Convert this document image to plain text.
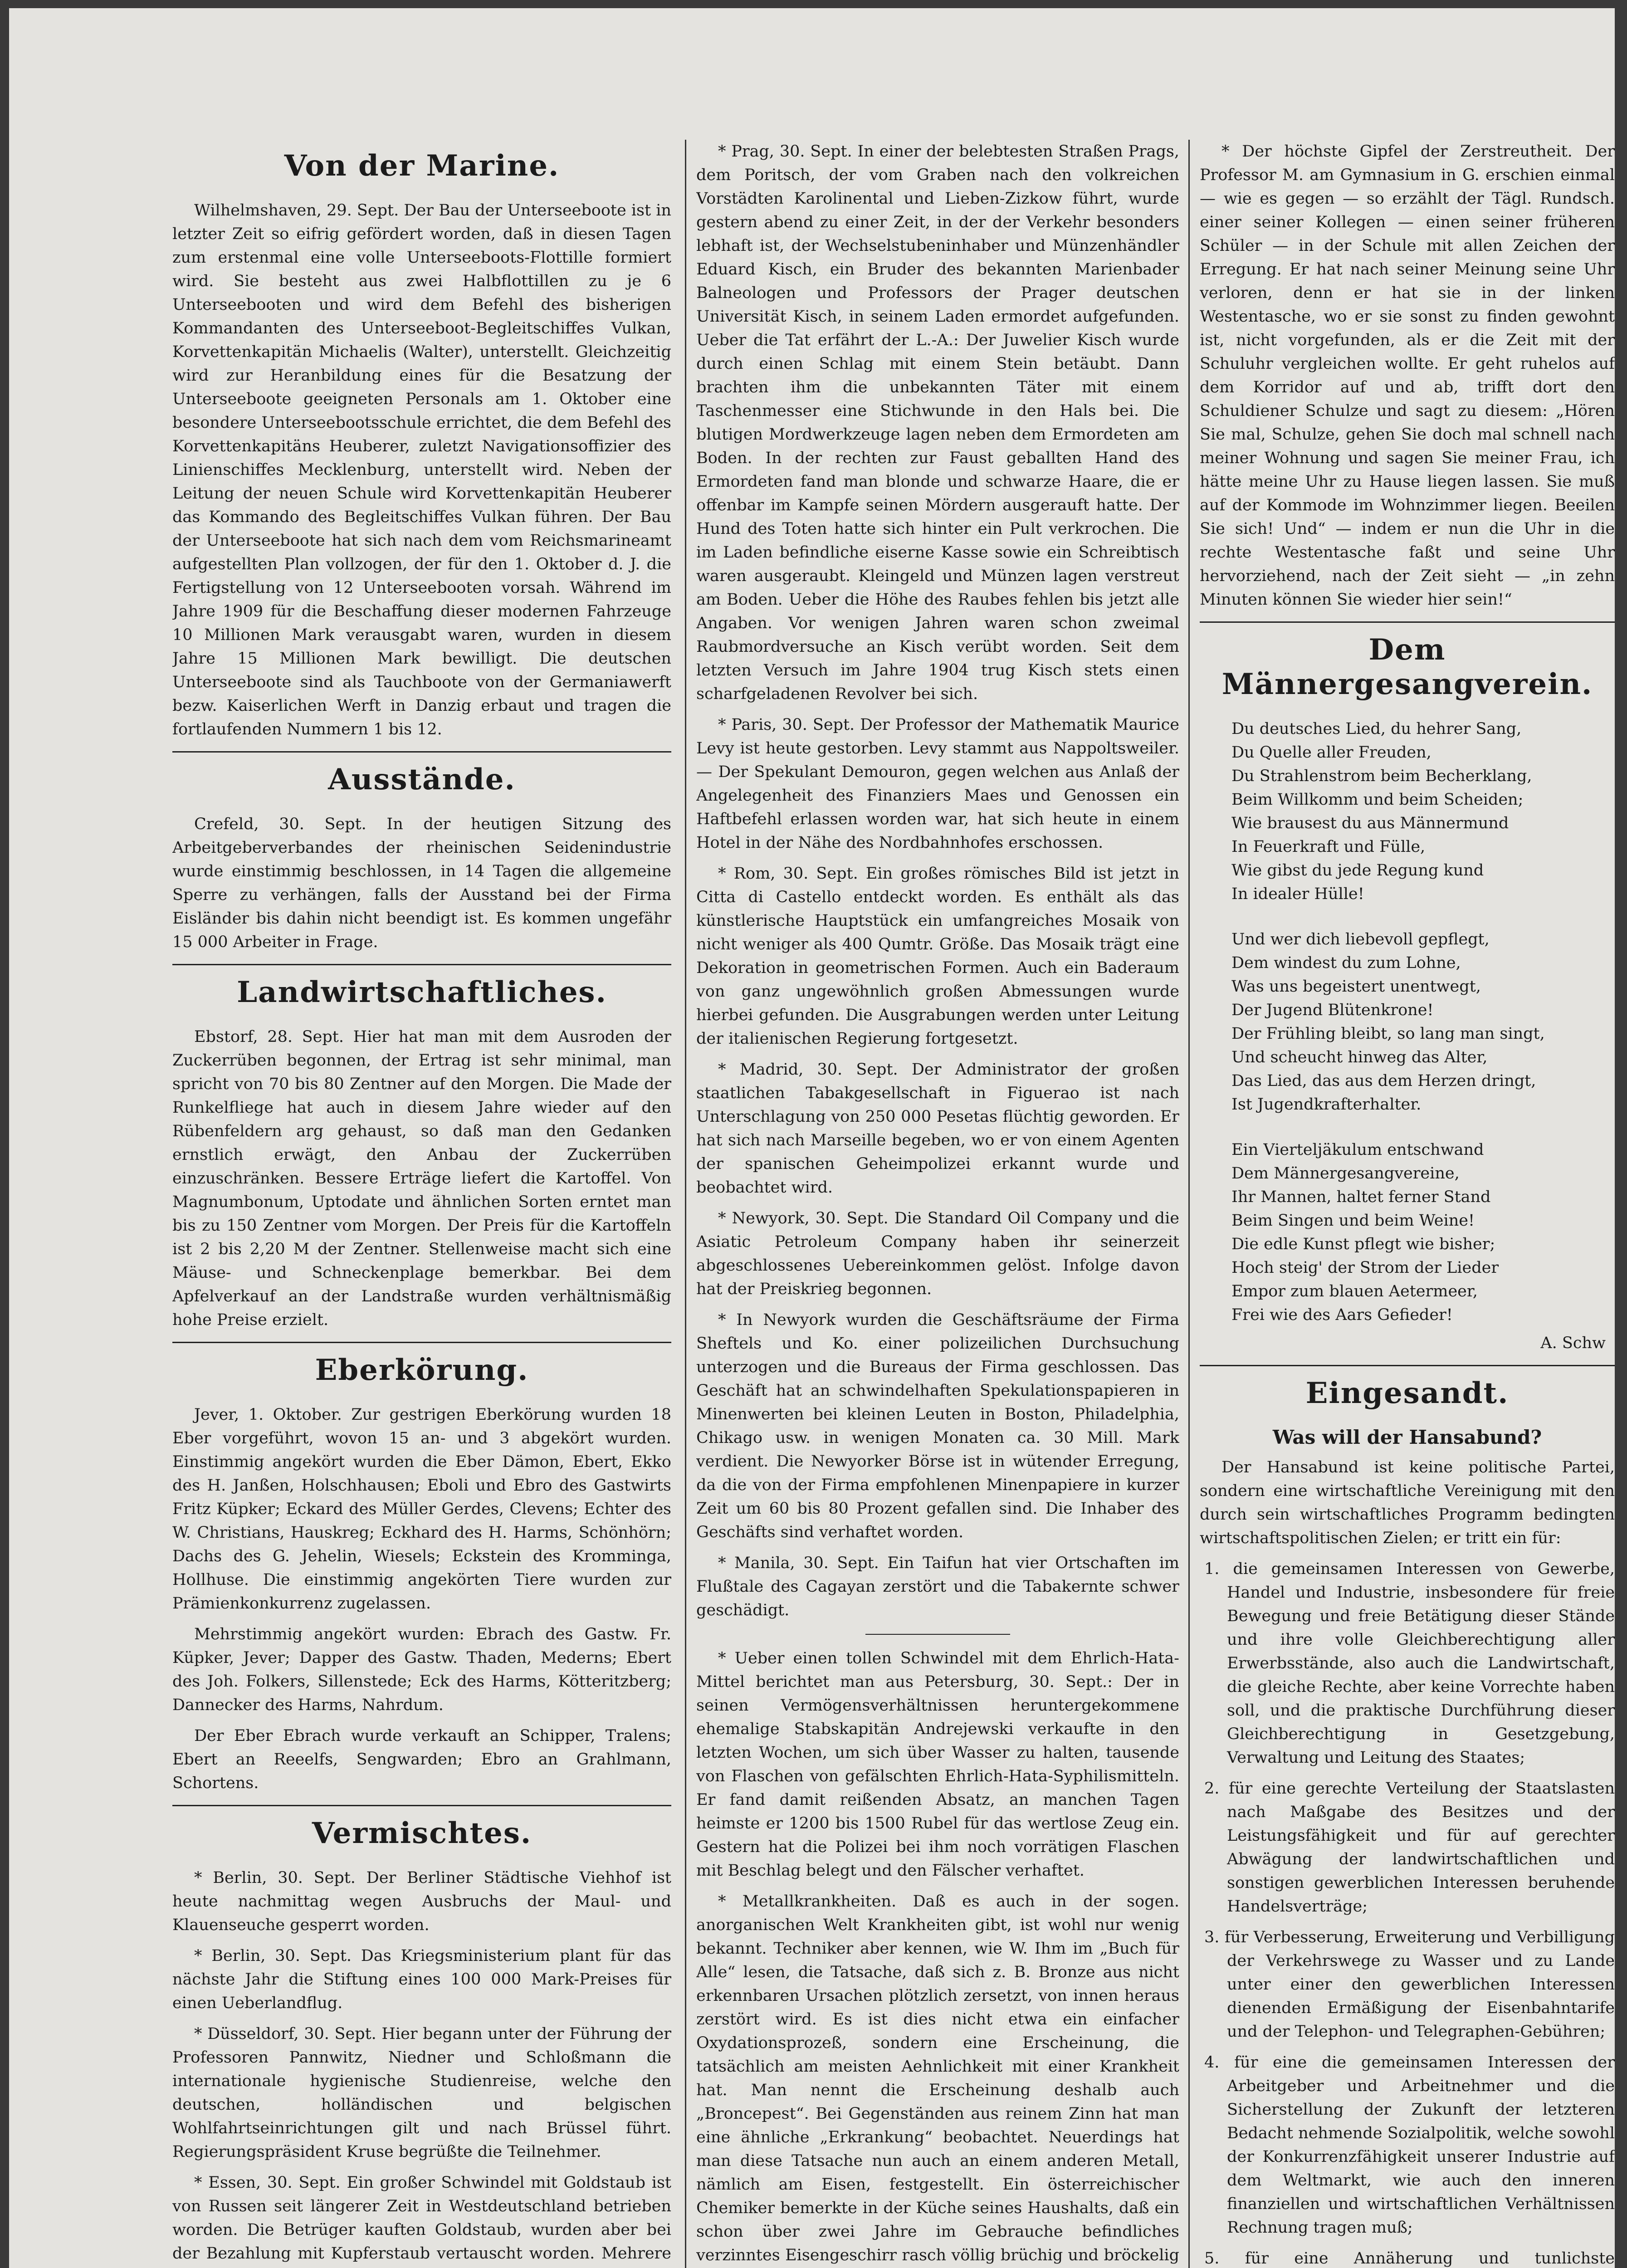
Von der Marine.

Wilhelmshaven, 29. Sept. Der Bau der Unterseeboote ist in letzter Zeit so eifrig gefördert worden, daß in diesen Tagen zum erstenmal eine volle Unterseeboots-Flottille formiert wird. Sie besteht aus zwei Halbflottillen zu je 6 Unterseebooten und wird dem Befehl des bisherigen Kommandanten des Unterseeboot-Begleitschiffes Vulkan, Korvettenkapitän Michaelis (Walter), unterstellt. Gleichzeitig wird zur Heranbildung eines für die Besatzung der Unterseeboote geeigneten Personals am 1. Oktober eine besondere Unterseebootsschule errichtet, die dem Befehl des Korvettenkapitäns Heuberer, zuletzt Navigationsoffizier des Linienschiffes Mecklenburg, unterstellt wird. Neben der Leitung der neuen Schule wird Korvettenkapitän Heuberer das Kommando des Begleitschiffes Vulkan führen. Der Bau der Unterseeboote hat sich nach dem vom Reichsmarineamt aufgestellten Plan vollzogen, der für den 1. Oktober d. J. die Fertigstellung von 12 Unterseebooten vorsah. Während im Jahre 1909 für die Beschaffung dieser modernen Fahrzeuge 10 Millionen Mark verausgabt waren, wurden in diesem Jahre 15 Millionen Mark bewilligt. Die deutschen Unterseeboote sind als Tauchboote von der Germaniawerft bezw. Kaiserlichen Werft in Danzig erbaut und tragen die fortlaufenden Nummern 1 bis 12.

Ausstände.

Crefeld, 30. Sept. In der heutigen Sitzung des Arbeitgeberverbandes der rheinischen Seidenindustrie wurde einstimmig beschlossen, in 14 Tagen die allgemeine Sperre zu verhängen, falls der Ausstand bei der Firma Eisländer bis dahin nicht beendigt ist. Es kommen ungefähr 15 000 Arbeiter in Frage.

Landwirtschaftliches.

Ebstorf, 28. Sept. Hier hat man mit dem Ausroden der Zuckerrüben begonnen, der Ertrag ist sehr minimal, man spricht von 70 bis 80 Zentner auf den Morgen. Die Made der Runkelfliege hat auch in diesem Jahre wieder auf den Rübenfeldern arg gehaust, so daß man den Gedanken ernstlich erwägt, den Anbau der Zuckerrüben einzuschränken. Bessere Erträge liefert die Kartoffel. Von Magnumbonum, Uptodate und ähnlichen Sorten erntet man bis zu 150 Zentner vom Morgen. Der Preis für die Kartoffeln ist 2 bis 2,20 M der Zentner. Stellenweise macht sich eine Mäuse- und Schneckenplage bemerkbar. Bei dem Apfelverkauf an der Landstraße wurden verhältnismäßig hohe Preise erzielt.

Eberkörung.

Jever, 1. Oktober. Zur gestrigen Eberkörung wurden 18 Eber vorgeführt, wovon 15 an- und 3 abgekört wurden. Einstimmig angekört wurden die Eber Dämon, Ebert, Ekko des H. Janßen, Holschhausen; Eboli und Ebro des Gastwirts Fritz Küpker; Eckard des Müller Gerdes, Clevens; Echter des W. Christians, Hauskreg; Eckhard des H. Harms, Schönhörn; Dachs des G. Jehelin, Wiesels; Eckstein des Kromminga, Hollhuse. Die einstimmig angekörten Tiere wurden zur Prämienkonkurrenz zugelassen.

Mehrstimmig angekört wurden: Ebrach des Gastw. Fr. Küpker, Jever; Dapper des Gastw. Thaden, Mederns; Ebert des Joh. Folkers, Sillenstede; Eck des Harms, Kötteritzberg; Dannecker des Harms, Nahrdum.

Der Eber Ebrach wurde verkauft an Schipper, Tralens; Ebert an Reeelfs, Sengwarden; Ebro an Grahlmann, Schortens.

Vermischtes.

* Berlin, 30. Sept. Der Berliner Städtische Viehhof ist heute nachmittag wegen Ausbruchs der Maul- und Klauenseuche gesperrt worden.

* Berlin, 30. Sept. Das Kriegsministerium plant für das nächste Jahr die Stiftung eines 100 000 Mark-Preises für einen Ueberlandflug.

* Düsseldorf, 30. Sept. Hier begann unter der Führung der Professoren Pannwitz, Niedner und Schloßmann die internationale hygienische Studienreise, welche den deutschen, holländischen und belgischen Wohlfahrtseinrichtungen gilt und nach Brüssel führt. Regierungspräsident Kruse begrüßte die Teilnehmer.

* Essen, 30. Sept. Ein großer Schwindel mit Goldstaub ist von Russen seit längerer Zeit in Westdeutschland betrieben worden. Die Betrüger kauften Goldstaub, wurden aber bei der Bezahlung mit Kupferstaub vertauscht worden. Mehrere

* Prag, 30. Sept. In einer der belebtesten Straßen Prags, dem Poritsch, der vom Graben nach den volkreichen Vorstädten Karolinental und Lieben-Zizkow führt, wurde gestern abend zu einer Zeit, in der der Verkehr besonders lebhaft ist, der Wechselstubeninhaber und Münzenhändler Eduard Kisch, ein Bruder des bekannten Marienbader Balneologen und Professors der Prager deutschen Universität Kisch, in seinem Laden ermordet aufgefunden. Ueber die Tat erfährt der L.-A.: Der Juwelier Kisch wurde durch einen Schlag mit einem Stein betäubt. Dann brachten ihm die unbekannten Täter mit einem Taschenmesser eine Stichwunde in den Hals bei. Die blutigen Mordwerkzeuge lagen neben dem Ermordeten am Boden. In der rechten zur Faust geballten Hand des Ermordeten fand man blonde und schwarze Haare, die er offenbar im Kampfe seinen Mördern ausgerauft hatte. Der Hund des Toten hatte sich hinter ein Pult verkrochen. Die im Laden befindliche eiserne Kasse sowie ein Schreibtisch waren ausgeraubt. Kleingeld und Münzen lagen verstreut am Boden. Ueber die Höhe des Raubes fehlen bis jetzt alle Angaben. Vor wenigen Jahren waren schon zweimal Raubmordversuche an Kisch verübt worden. Seit dem letzten Versuch im Jahre 1904 trug Kisch stets einen scharfgeladenen Revolver bei sich.

* Paris, 30. Sept. Der Professor der Mathematik Maurice Levy ist heute gestorben. Levy stammt aus Nappoltsweiler. — Der Spekulant Demouron, gegen welchen aus Anlaß der Angelegenheit des Finanziers Maes und Genossen ein Haftbefehl erlassen worden war, hat sich heute in einem Hotel in der Nähe des Nordbahnhofes erschossen.

* Rom, 30. Sept. Ein großes römisches Bild ist jetzt in Citta di Castello entdeckt worden. Es enthält als das künstlerische Hauptstück ein umfangreiches Mosaik von nicht weniger als 400 Qumtr. Größe. Das Mosaik trägt eine Dekoration in geometrischen Formen. Auch ein Baderaum von ganz ungewöhnlich großen Abmessungen wurde hierbei gefunden. Die Ausgrabungen werden unter Leitung der italienischen Regierung fortgesetzt.

* Madrid, 30. Sept. Der Administrator der großen staatlichen Tabakgesellschaft in Figuerao ist nach Unterschlagung von 250 000 Pesetas flüchtig geworden. Er hat sich nach Marseille begeben, wo er von einem Agenten der spanischen Geheimpolizei erkannt wurde und beobachtet wird.

* Newyork, 30. Sept. Die Standard Oil Company und die Asiatic Petroleum Company haben ihr seinerzeit abgeschlossenes Uebereinkommen gelöst. Infolge davon hat der Preiskrieg begonnen.

* In Newyork wurden die Geschäftsräume der Firma Sheftels und Ko. einer polizeilichen Durchsuchung unterzogen und die Bureaus der Firma geschlossen. Das Geschäft hat an schwindelhaften Spekulationspapieren in Minenwerten bei kleinen Leuten in Boston, Philadelphia, Chikago usw. in wenigen Monaten ca. 30 Mill. Mark verdient. Die Newyorker Börse ist in wütender Erregung, da die von der Firma empfohlenen Minenpapiere in kurzer Zeit um 60 bis 80 Prozent gefallen sind. Die Inhaber des Geschäfts sind verhaftet worden.

* Manila, 30. Sept. Ein Taifun hat vier Ortschaften im Flußtale des Cagayan zerstört und die Tabakernte schwer geschädigt.

* Ueber einen tollen Schwindel mit dem Ehrlich-Hata-Mittel berichtet man aus Petersburg, 30. Sept.: Der in seinen Vermögensverhältnissen heruntergekommene ehemalige Stabskapitän Andrejewski verkaufte in den letzten Wochen, um sich über Wasser zu halten, tausende von Flaschen von gefälschten Ehrlich-Hata-Syphilismitteln. Er fand damit reißenden Absatz, an manchen Tagen heimste er 1200 bis 1500 Rubel für das wertlose Zeug ein. Gestern hat die Polizei bei ihm noch vorrätigen Flaschen mit Beschlag belegt und den Fälscher verhaftet.

* Metallkrankheiten. Daß es auch in der sogen. anorganischen Welt Krankheiten gibt, ist wohl nur wenig bekannt. Techniker aber kennen, wie W. Ihm im „Buch für Alle“ lesen, die Tatsache, daß sich z. B. Bronze aus nicht erkennbaren Ursachen plötzlich zersetzt, von innen heraus zerstört wird. Es ist dies nicht etwa ein einfacher Oxydationsprozeß, sondern eine Erscheinung, die tatsächlich am meisten Aehnlichkeit mit einer Krankheit hat. Man nennt die Erscheinung deshalb auch „Broncepest“. Bei Gegenständen aus reinem Zinn hat man eine ähnliche „Erkrankung“ beobachtet. Neuerdings hat man diese Tatsache nun auch an einem anderen Metall, nämlich am Eisen, festgestellt. Ein österreichischer Chemiker bemerkte in der Küche seines Haushalts, daß ein schon über zwei Jahre im Gebrauche befindliches verzinntes Eisengeschirr rasch völlig brüchig und bröckelig

* Der höchste Gipfel der Zerstreutheit. Der Professor M. am Gymnasium in G. erschien einmal — wie es gegen — so erzählt der Tägl. Rundsch. einer seiner Kollegen — einen seiner früheren Schüler — in der Schule mit allen Zeichen der Erregung. Er hat nach seiner Meinung seine Uhr verloren, denn er hat sie in der linken Westentasche, wo er sie sonst zu finden gewohnt ist, nicht vorgefunden, als er die Zeit mit der Schuluhr vergleichen wollte. Er geht ruhelos auf dem Korridor auf und ab, trifft dort den Schuldiener Schulze und sagt zu diesem: „Hören Sie mal, Schulze, gehen Sie doch mal schnell nach meiner Wohnung und sagen Sie meiner Frau, ich hätte meine Uhr zu Hause liegen lassen. Sie muß auf der Kommode im Wohnzimmer liegen. Beeilen Sie sich! Und“ — indem er nun die Uhr in die rechte Westentasche faßt und seine Uhr hervorziehend, nach der Zeit sieht — „in zehn Minuten können Sie wieder hier sein!“

Dem Männergesangverein.

Du deutsches Lied, du hehrer Sang,

Du Quelle aller Freuden,

Du Strahlenstrom beim Becherklang,

Beim Willkomm und beim Scheiden;

Wie brausest du aus Männermund

In Feuerkraft und Fülle,

Wie gibst du jede Regung kund

In idealer Hülle!

Und wer dich liebevoll gepflegt,

Dem windest du zum Lohne,

Was uns begeistert unentwegt,

Der Jugend Blütenkrone!

Der Frühling bleibt, so lang man singt,

Und scheucht hinweg das Alter,

Das Lied, das aus dem Herzen dringt,

Ist Jugendkrafterhalter.

Ein Vierteljäkulum entschwand

Dem Männergesangvereine,

Ihr Mannen, haltet ferner Stand

Beim Singen und beim Weine!

Die edle Kunst pflegt wie bisher;

Hoch steig' der Strom der Lieder

Empor zum blauen Aetermeer,

Frei wie des Aars Gefieder!

A. Schw

Eingesandt.
Was will der Hansabund?

Der Hansabund ist keine politische Partei, sondern eine wirtschaftliche Vereinigung mit den durch sein wirtschaftliches Programm bedingten wirtschaftspolitischen Zielen; er tritt ein für:

1. die gemeinsamen Interessen von Gewerbe, Handel und Industrie, insbesondere für freie Bewegung und freie Betätigung dieser Stände und ihre volle Gleichberechtigung aller Erwerbsstände, also auch die Landwirtschaft, die gleiche Rechte, aber keine Vorrechte haben soll, und die praktische Durchführung dieser Gleichberechtigung in Gesetzgebung, Verwaltung und Leitung des Staates;

2. für eine gerechte Verteilung der Staatslasten nach Maßgabe des Besitzes und der Leistungsfähigkeit und für auf gerechter Abwägung der landwirtschaftlichen und sonstigen gewerblichen Interessen beruhende Handelsverträge;

3. für Verbesserung, Erweiterung und Verbilligung der Verkehrswege zu Wasser und zu Lande unter einer den gewerblichen Interessen dienenden Ermäßigung der Eisenbahntarife und der Telephon- und Telegraphen-Gebühren;

4. für eine die gemeinsamen Interessen der Arbeitgeber und Arbeitnehmer und die Sicherstellung der Zukunft der letzteren Bedacht nehmende Sozialpolitik, welche sowohl der Konkurrenzfähigkeit unserer Industrie auf dem Weltmarkt, wie auch den inneren finanziellen und wirtschaftlichen Verhältnissen Rechnung tragen muß;

5. für eine Annäherung und tunlichste
